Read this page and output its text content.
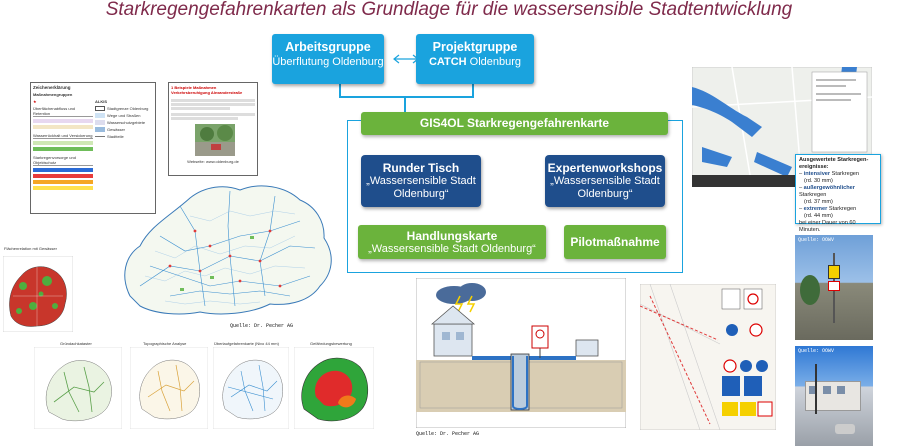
Starkregengefahrenkarten als Grundlage für die wassersensible Stadtentwicklung
Arbeitsgruppe
Überflutung Oldenburg
Projektgruppe
CATCH Oldenburg
GIS4OL Starkregengefahrenkarte
Runder Tisch
„Wassersensible Stadt
Oldenburg“
Expertenworkshops
„Wassersensible Stadt
Oldenburg“
Handlungskarte
„Wassersensible Stadt Oldenburg“	Pilotmaßnahme
Zeichenerklärung
Maßnahmengruppen
★
Überflächenabfluss und Retention
Wasserrückhalt und Versickerung
Starkregenvorsorge und Objektschutz
ALKIS
Stadtgrenze Oldenburg
Wege und Straßen
Wasserschutzgebiete
Gewässer
Stadtteile
1 Beispiele Maßnahmen Verkehrsberuhigung Alexanderstraße
Webseite: www.oldenburg.de
Quelle: Dr. Pecher AG
Flächenrelation mit Gewässer
Gründachkataster	Topographische Analyse	Überlaufgefahrenkarte (Nivo 44 mm)	Gefährdungsbewertung
Quelle: Dr. Pecher AG
Ausgewertete Starkregen-ereignisse:
– intensiver Starkregen
(rd. 30 mm)
– außergewöhnlicher Starkregen
(rd. 37 mm)
– extremer Starkregen
(rd. 44 mm)
bei einer Dauer von 60 Minuten.
Quelle: OOWV
Quelle: OOWV
